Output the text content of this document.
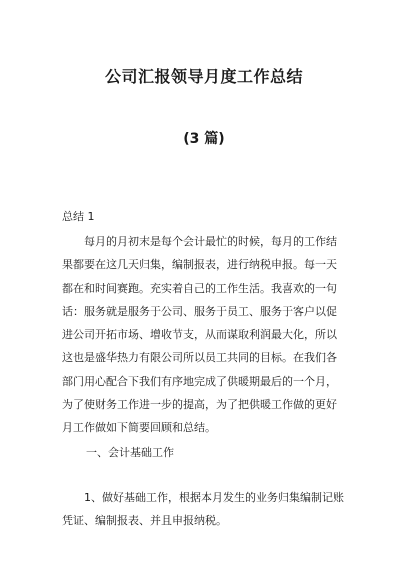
公司汇报领导月度工作总结
(3 篇)
总结 1
每月的月初末是每个会计最忙的时候，每月的工作结
果都要在这几天归集，编制报表，进行纳税申报。每一天
都在和时间赛跑。充实着自己的工作生活。我喜欢的一句
话：服务就是服务于公司、服务于员工、服务于客户以促
进公司开拓市场、增收节支，从而谋取利润最大化，所以
这也是盛华热力有限公司所以员工共同的目标。在我们各
部门用心配合下我们有序地完成了供暖期最后的一个月，
为了使财务工作进一步的提高，为了把供暖工作做的更好
月工作做如下简要回顾和总结。
一、会计基础工作
1、做好基础工作，根据本月发生的业务归集编制记账
凭证、编制报表、并且申报纳税。
